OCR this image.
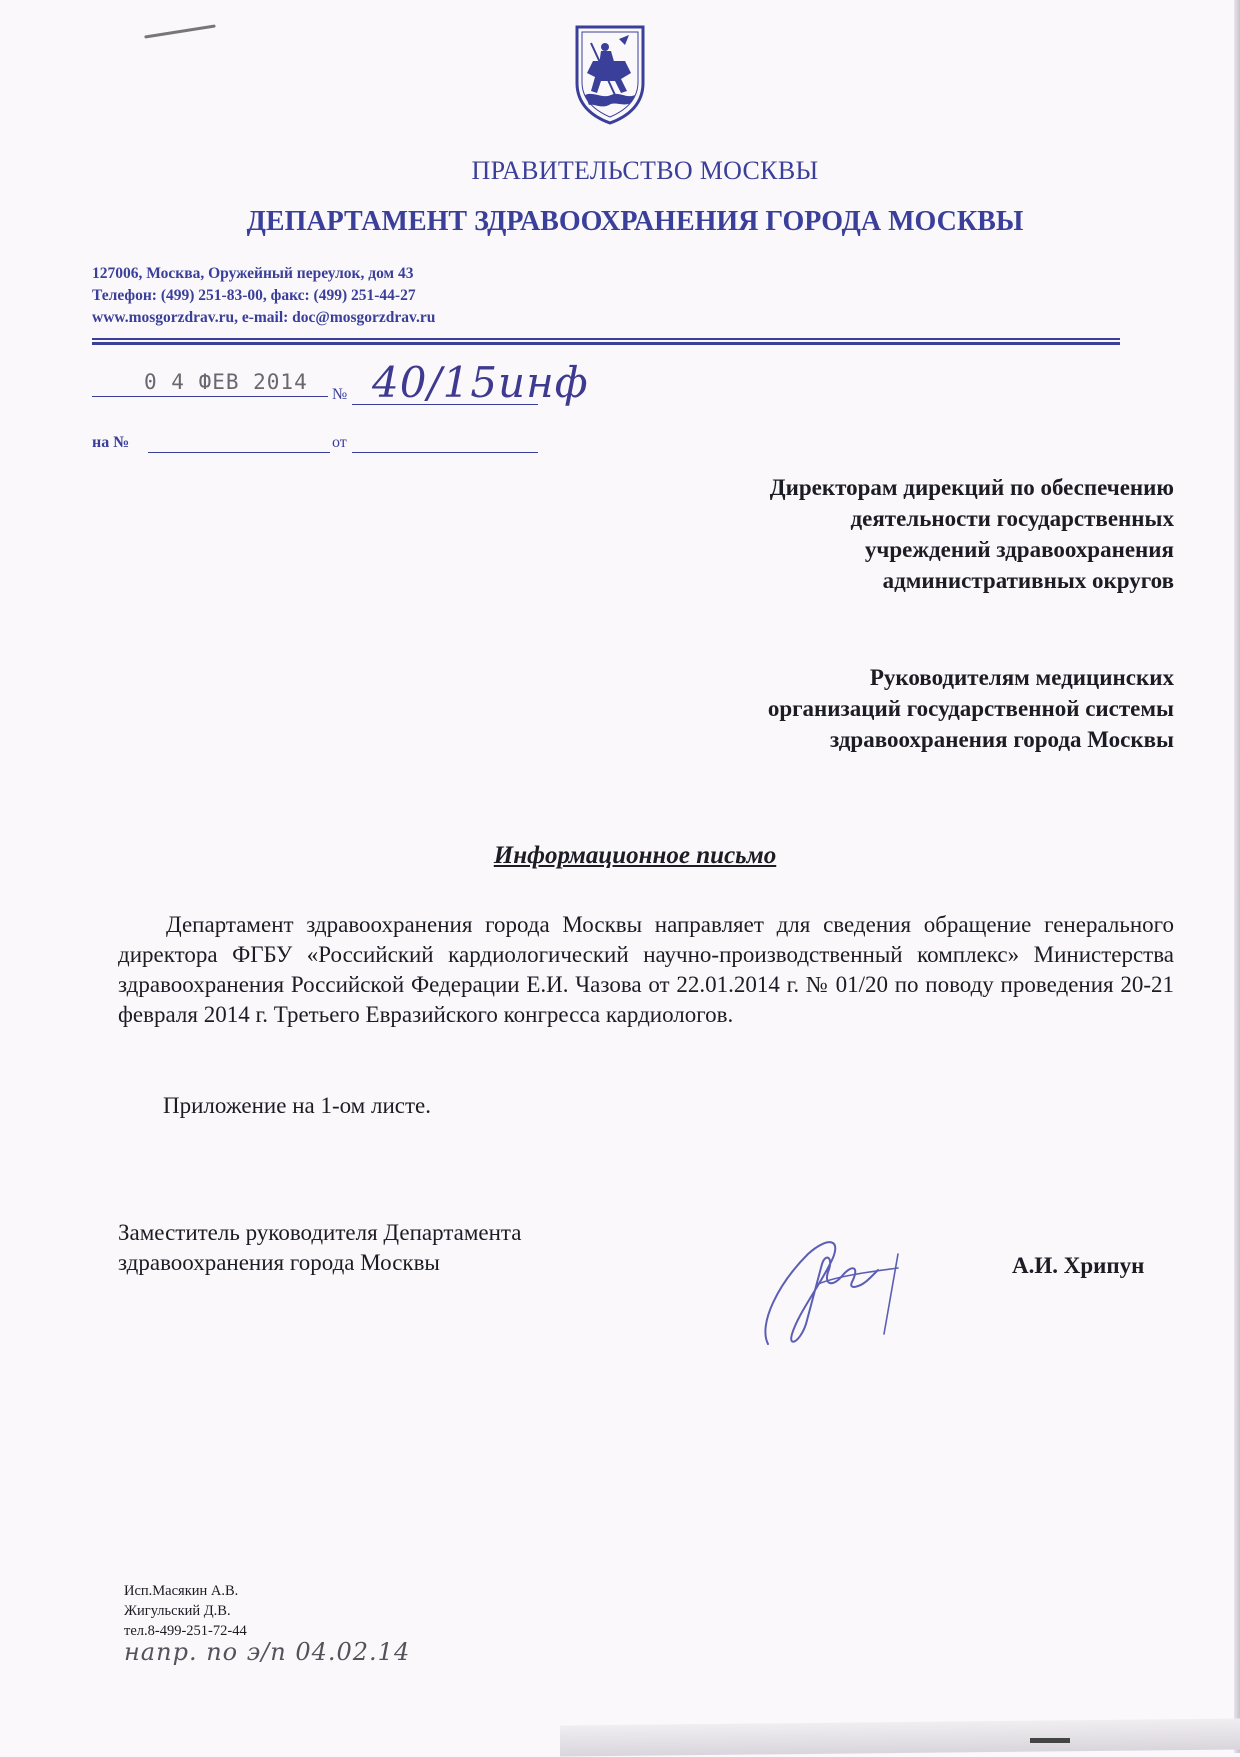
ПРАВИТЕЛЬСТВО МОСКВЫ
ДЕПАРТАМЕНТ ЗДРАВООХРАНЕНИЯ ГОРОДА МОСКВЫ
127006, Москва, Оружейный переулок, дом 43
Телефон: (499) 251-83-00, факс: (499) 251-44-27
www.mosgorzdrav.ru, e-mail: doc@mosgorzdrav.ru
0 4 ФЕВ 2014
№ 40/15инф
на №	от
Директорам дирекций по обеспечению
деятельности государственных
учреждений здравоохранения
административных округов
Руководителям медицинских
организаций государственной системы
здравоохранения города Москвы
Информационное письмо
Департамент здравоохранения города Москвы направляет для сведения обращение генерального директора ФГБУ «Российский кардиологический научно-производственный комплекс» Министерства здравоохранения Российской Федерации Е.И. Чазова от 22.01.2014 г. № 01/20 по поводу проведения 20-21 февраля 2014 г. Третьего Евразийского конгресса кардиологов.
Приложение на 1-ом листе.
Заместитель руководителя Департамента
здравоохранения города Москвы	А.И. Хрипун
Исп.Масякин А.В.
Жигульский Д.В.
тел.8-499-251-72-44
напр. по э/п 04.02.14
